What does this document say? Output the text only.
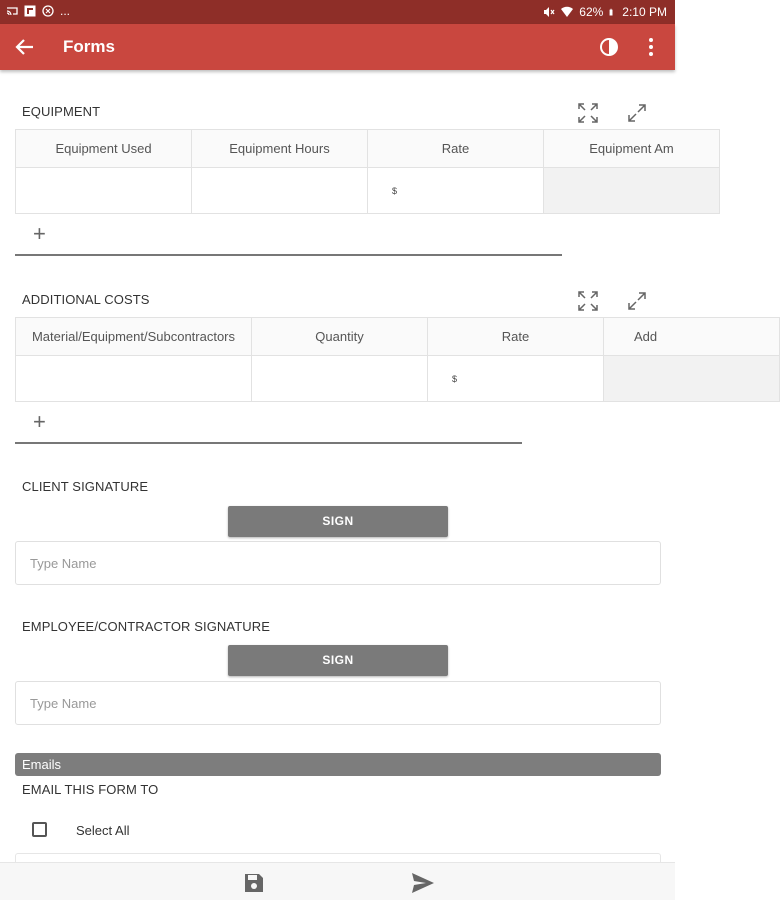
...	62% 2:10 PM
Forms
EQUIPMENT
Equipment Used	Equipment Hours	Rate	Equipment Am
		$	
+
ADDITIONAL COSTS
Material/Equipment/Subcontractors	Quantity	Rate	Add
		$	
+
CLIENT SIGNATURE
SIGN
Type Name
EMPLOYEE/CONTRACTOR SIGNATURE
SIGN
Type Name
Emails
EMAIL THIS FORM TO
Select All
